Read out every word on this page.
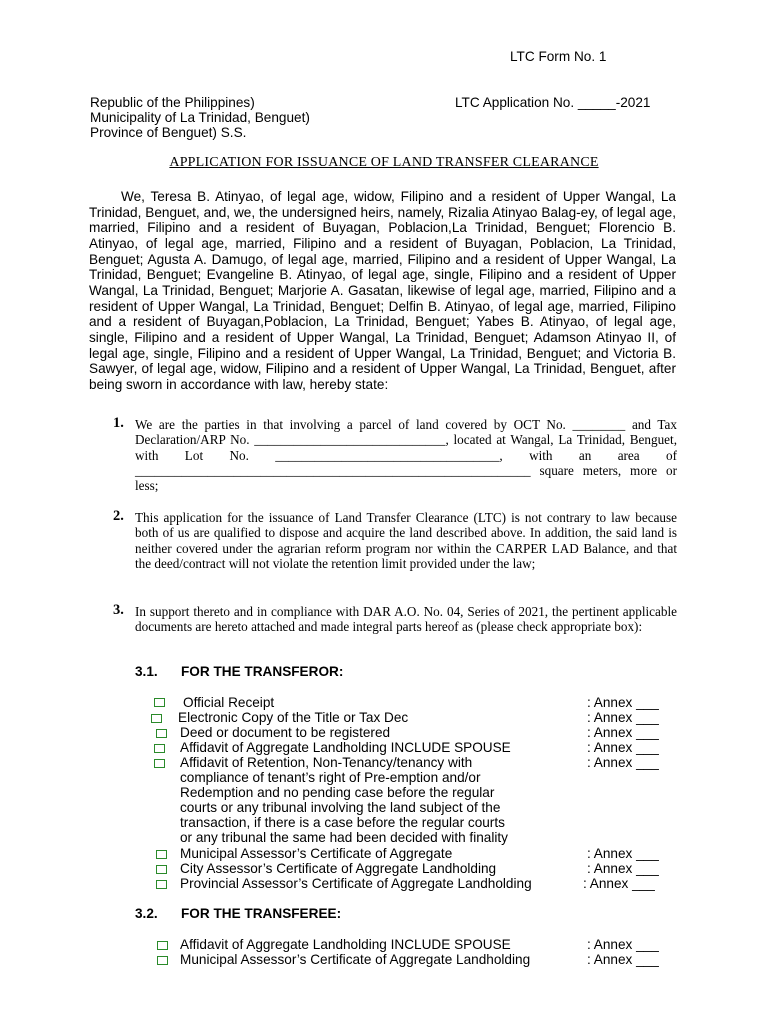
LTC Form No. 1
Republic of the Philippines)
Municipality of La Trinidad, Benguet)
Province of Benguet) S.S.
LTC Application No. _____-2021
APPLICATION FOR ISSUANCE OF LAND TRANSFER CLEARANCE
We, Teresa B. Atinyao, of legal age, widow, Filipino and a resident of Upper Wangal, La Trinidad, Benguet, and, we, the undersigned heirs, namely, Rizalia Atinyao Balag-ey, of legal age, married, Filipino and a resident of Buyagan, Poblacion,La Trinidad, Benguet; Florencio B. Atinyao, of legal age, married, Filipino and a resident of Buyagan, Poblacion, La Trinidad, Benguet; Agusta A. Damugo, of legal age, married, Filipino and a resident of Upper Wangal, La Trinidad, Benguet; Evangeline B. Atinyao, of legal age, single, Filipino and a resident of Upper Wangal, La Trinidad, Benguet; Marjorie A. Gasatan, likewise of legal age, married, Filipino and a resident of Upper Wangal, La Trinidad, Benguet; Delfin B. Atinyao, of legal age, married, Filipino and a resident of Buyagan,Poblacion, La Trinidad, Benguet; Yabes B. Atinyao, of legal age, single, Filipino and a resident of Upper Wangal, La Trinidad, Benguet; Adamson Atinyao II, of legal age, single, Filipino and a resident of Upper Wangal, La Trinidad, Benguet; and Victoria B. Sawyer, of legal age, widow, Filipino and a resident of Upper Wangal, La Trinidad, Benguet, after being sworn in accordance with law, hereby state:
1. We are the parties in that involving a parcel of land covered by OCT No. ________ and Tax Declaration/ARP No. _____________________________, located at Wangal, La Trinidad, Benguet, with Lot No. __________________________________, with an area of ____________________________________________________________ square meters, more or less;
2. This application for the issuance of Land Transfer Clearance (LTC) is not contrary to law because both of us are qualified to dispose and acquire the land described above. In addition, the said land is neither covered under the agrarian reform program nor within the CARPER LAD Balance, and that the deed/contract will not violate the retention limit provided under the law;
3. In support thereto and in compliance with DAR A.O. No. 04, Series of 2021, the pertinent applicable documents are hereto attached and made integral parts hereof as (please check appropriate box):
3.1. FOR THE TRANSFEROR:
Official Receipt	: Annex ___
Electronic Copy of the Title or Tax Dec	: Annex ___
Deed or document to be registered	: Annex ___
Affidavit of Aggregate Landholding INCLUDE SPOUSE	: Annex ___
Affidavit of Retention, Non-Tenancy/tenancy with	: Annex ___
compliance of tenant’s right of Pre-emption and/or
Redemption and no pending case before the regular
courts or any tribunal involving the land subject of the
transaction, if there is a case before the regular courts
or any tribunal the same had been decided with finality
Municipal Assessor’s Certificate of Aggregate	: Annex ___
City Assessor’s Certificate of Aggregate Landholding	: Annex ___
Provincial Assessor’s Certificate of Aggregate Landholding	: Annex ___
3.2. FOR THE TRANSFEREE:
Affidavit of Aggregate Landholding INCLUDE SPOUSE	: Annex ___
Municipal Assessor’s Certificate of Aggregate Landholding	: Annex ___
